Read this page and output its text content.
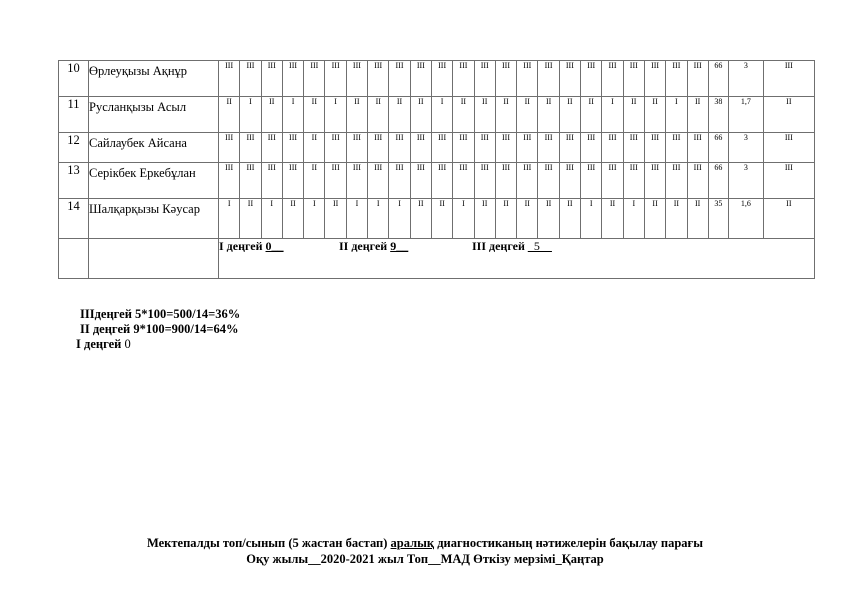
10	Өрлеуқызы Ақнұр	III	III	III	III	III	III	III	III	III	III	III	III	III	III	III	III	III	III	III	III	III	III	III	66	3	III
11	Русланқызы Асыл	II	I	II	I	II	I	II	II	II	II	I	II	II	II	II	II	II	II	I	II	II	I	II	38	1,7	II
12	Сайлаубек Айсана	III	III	III	III	II	III	III	III	III	III	III	III	III	III	III	III	III	III	III	III	III	III	III	66	3	III
13	Серікбек Еркебұлан	III	III	III	III	II	III	III	III	III	III	III	III	III	III	III	III	III	III	III	III	III	III	III	66	3	III
14	Шалқарқызы Кәусар	I	II	I	II	I	II	I	I	I	II	II	I	II	II	II	II	II	I	II	I	II	II	II	35	1,6	II
		I деңгей 0__ II деңгей 9__ III деңгей _5__																									
IIIдеңгей 5*100=500/14=36%
II деңгей 9*100=900/14=64%
I деңгей 0
Мектепалды топ/сынып (5 жастан бастап) аралық диагностиканың нәтижелерін бақылау парағы
Оқу жылы__2020-2021 жыл Топ__МАД Өткізу мерзімі_Қаңтар
